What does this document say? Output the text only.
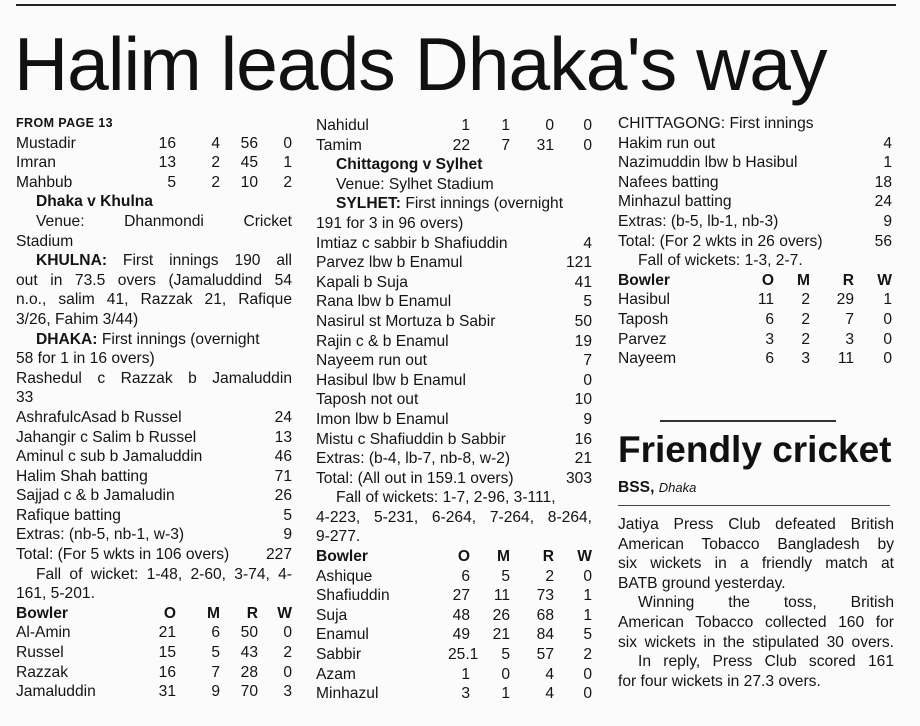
Halim leads Dhaka's way
FROM PAGE 13
Mustadir	16	4	56	0
Imran	13	2	45	1
Mahbub	5	2	10	2
Dhaka v Khulna
Venue: Dhanmondi Cricket
Stadium
KHULNA: First innings 190 all
out in 73.5 overs (Jamaluddind 54
n.o., salim 41, Razzak 21, Rafique
3/26, Fahim 3/44)
DHAKA: First innings (overnight
58 for 1 in 16 overs)
Rashedul c Razzak b Jamaluddin
33
AshrafulcAsad b Russel	24
Jahangir c Salim b Russel	13
Aminul c sub b Jamaluddin	46
Halim Shah batting	71
Sajjad c & b Jamaludin	26
Rafique batting	5
Extras: (nb-5, nb-1, w-3)	9
Total: (For 5 wkts in 106 overs)	227
Fall of wicket: 1-48, 2-60, 3-74, 4-
161, 5-201.
Bowler	O	M	R	W
Al-Amin	21	6	50	0
Russel	15	5	43	2
Razzak	16	7	28	0
Jamaluddin	31	9	70	3
Nahidul	1	1	0	0
Tamim	22	7	31	0
Chittagong v Sylhet
Venue: Sylhet Stadium
SYLHET: First innings (overnight
191 for 3 in 96 overs)
Imtiaz c sabbir b Shafiuddin	4
Parvez lbw b Enamul	121
Kapali b Suja	41
Rana lbw b Enamul	5
Nasirul st Mortuza b Sabir	50
Rajin c & b Enamul	19
Nayeem run out	7
Hasibul lbw b Enamul	0
Taposh not out	10
Imon lbw b Enamul	9
Mistu c Shafiuddin b Sabbir	16
Extras: (b-4, lb-7, nb-8, w-2)	21
Total: (All out in 159.1 overs)	303
Fall of wickets: 1-7, 2-96, 3-111,
4-223, 5-231, 6-264, 7-264, 8-264,
9-277.
Bowler	O	M	R	W
Ashique	6	5	2	0
Shafiuddin	27	11	73	1
Suja	48	26	68	1
Enamul	49	21	84	5
Sabbir	25.1	5	57	2
Azam	1	0	4	0
Minhazul	3	1	4	0
CHITTAGONG: First innings
Hakim run out	4
Nazimuddin lbw b Hasibul	1
Nafees batting	18
Minhazul batting	24
Extras: (b-5, lb-1, nb-3)	9
Total: (For 2 wkts in 26 overs)	56
Fall of wickets: 1-3, 2-7.
Bowler	O	M	R	W
Hasibul	11	2	29	1
Taposh	6	2	7	0
Parvez	3	2	3	0
Nayeem	6	3	11	0
Friendly cricket
BSS, Dhaka
Jatiya Press Club defeated British
American Tobacco Bangladesh by
six wickets in a friendly match at
BATB ground yesterday.
Winning the toss, British
American Tobacco collected 160 for
six wickets in the stipulated 30 overs.
In reply, Press Club scored 161
for four wickets in 27.3 overs.
